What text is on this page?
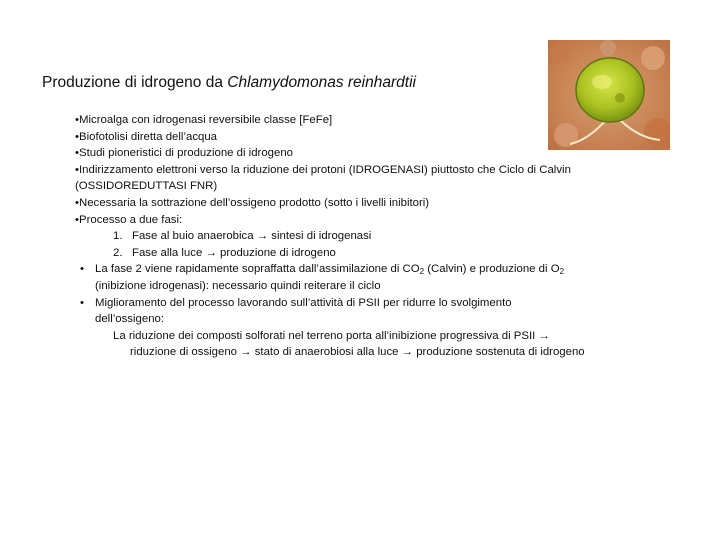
Produzione di idrogeno da Chlamydomonas reinhardtii
•Microalga con idrogenasi reversibile classe [FeFe]
•Biofotolisi diretta dell’acqua
•Studi pioneristici di produzione di idrogeno
•Indirizzamento elettroni verso la riduzione dei protoni (IDROGENASI) piuttosto che Ciclo di Calvin
(OSSIDOREDUTTASI FNR)
•Necessaria la sottrazione dell’ossigeno prodotto (sotto i livelli inibitori)
•Processo a due fasi:
1. Fase al buio anaerobica → sintesi di idrogenasi
2. Fase alla luce → produzione di idrogeno
• La fase 2 viene rapidamente sopraffatta dall’assimilazione di $CO_2$ (Calvin) e produzione di $O_2$
(inibizione idrogenasi): necessario quindi reiterare il ciclo
• Miglioramento del processo lavorando sull’attività di PSII per ridurre lo svolgimento
dell’ossigeno:
La riduzione dei composti solforati nel terreno porta all’inibizione progressiva di PSII →
riduzione di ossigeno → stato di anaerobiosi alla luce → produzione sostenuta di idrogeno
